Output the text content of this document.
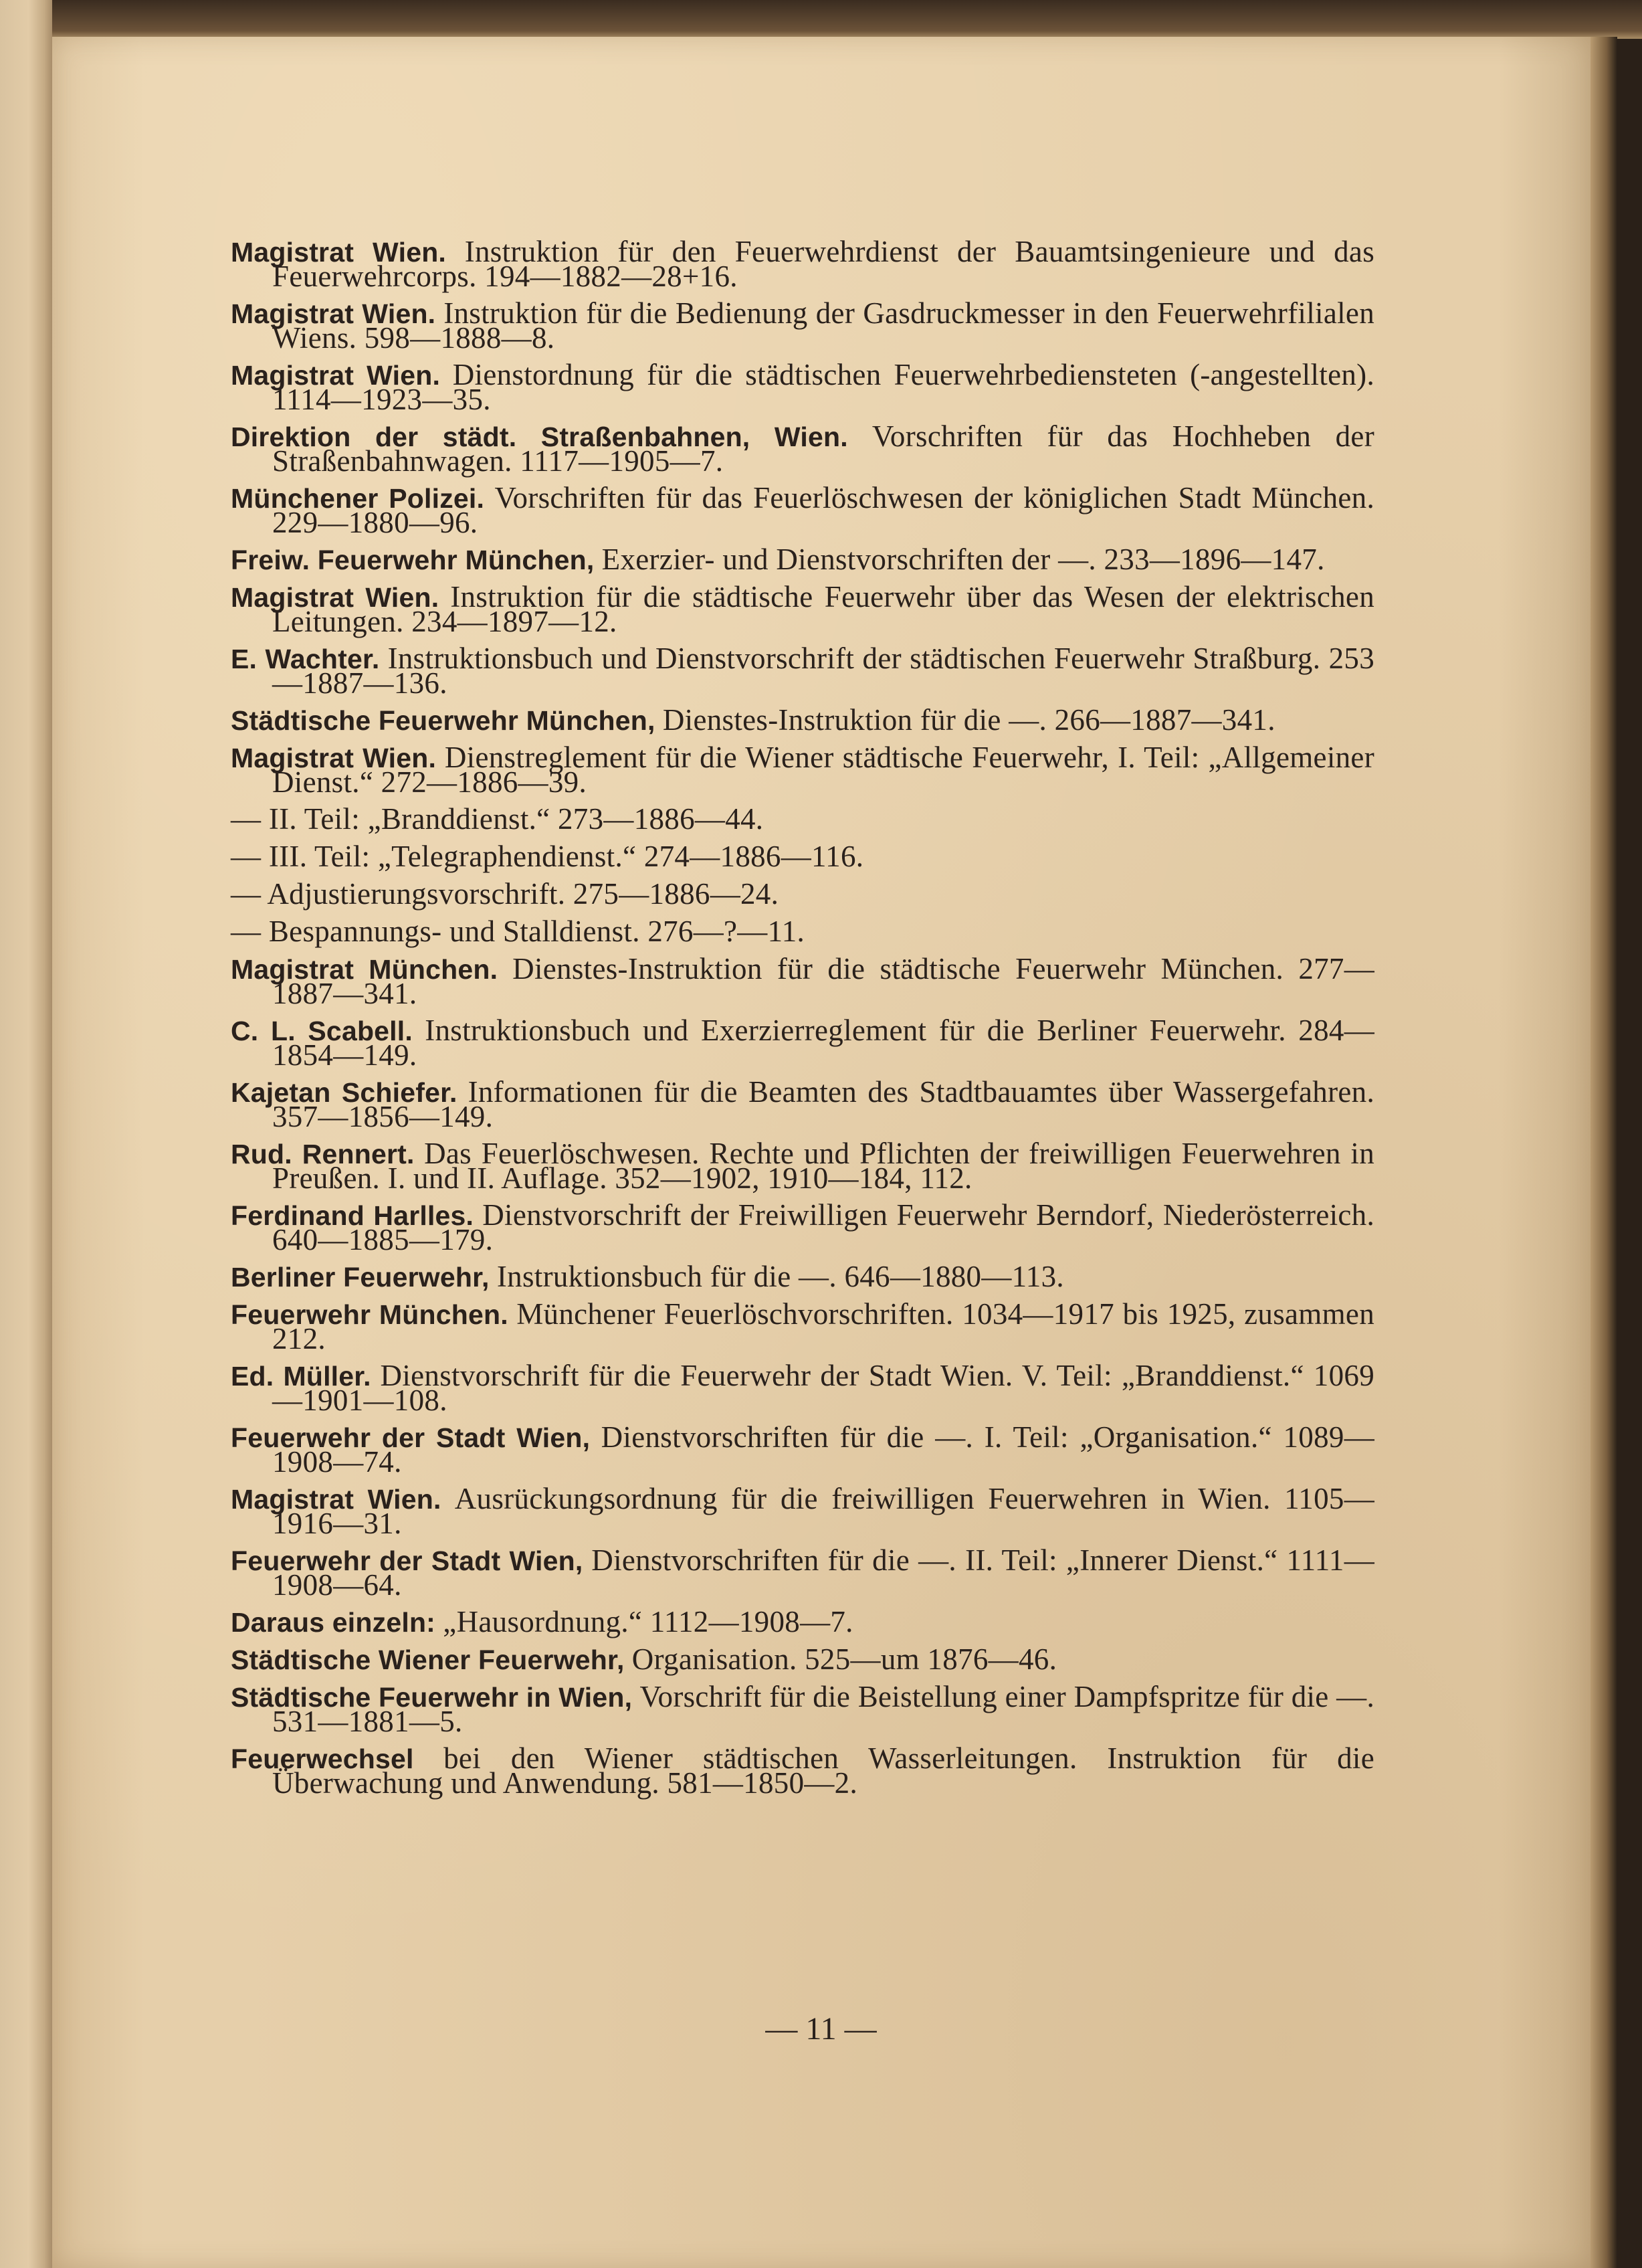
Magistrat Wien. Instruktion für den Feuerwehrdienst der Bauamtsingenieure und das Feuerwehrcorps. 194—1882—28+16.

Magistrat Wien. Instruktion für die Bedienung der Gasdruckmesser in den Feuerwehrfilialen Wiens. 598—1888—8.

Magistrat Wien. Dienstordnung für die städtischen Feuerwehrbediensteten (-angestellten). 1114—1923—35.

Direktion der städt. Straßenbahnen, Wien. Vorschriften für das Hochheben der Straßenbahnwagen. 1117—1905—7.

Münchener Polizei. Vorschriften für das Feuerlöschwesen der königlichen Stadt München. 229—1880—96.

Freiw. Feuerwehr München, Exerzier- und Dienstvorschriften der —. 233—1896—147.

Magistrat Wien. Instruktion für die städtische Feuerwehr über das Wesen der elektrischen Leitungen. 234—1897—12.

E. Wachter. Instruktionsbuch und Dienstvorschrift der städtischen Feuerwehr Straßburg. 253—1887—136.

Städtische Feuerwehr München, Dienstes-Instruktion für die —. 266—1887—341.

Magistrat Wien. Dienstreglement für die Wiener städtische Feuerwehr, I. Teil: „Allgemeiner Dienst.“ 272—1886—39.

— II. Teil: „Branddienst.“ 273—1886—44.

— III. Teil: „Telegraphendienst.“ 274—1886—116.

— Adjustierungsvorschrift. 275—1886—24.

— Bespannungs- und Stalldienst. 276—?—11.

Magistrat München. Dienstes-Instruktion für die städtische Feuerwehr München. 277—1887—341.

C. L. Scabell. Instruktionsbuch und Exerzierreglement für die Berliner Feuerwehr. 284—1854—149.

Kajetan Schiefer. Informationen für die Beamten des Stadtbauamtes über Wassergefahren. 357—1856—149.

Rud. Rennert. Das Feuerlöschwesen. Rechte und Pflichten der freiwilligen Feuerwehren in Preußen. I. und II. Auflage. 352—1902, 1910—184, 112.

Ferdinand Harlles. Dienstvorschrift der Freiwilligen Feuerwehr Berndorf, Niederösterreich. 640—1885—179.

Berliner Feuerwehr, Instruktionsbuch für die —. 646—1880—113.

Feuerwehr München. Münchener Feuerlöschvorschriften. 1034—1917 bis 1925, zusammen 212.

Ed. Müller. Dienstvorschrift für die Feuerwehr der Stadt Wien. V. Teil: „Branddienst.“ 1069—1901—108.

Feuerwehr der Stadt Wien, Dienstvorschriften für die —. I. Teil: „Organisation.“ 1089—1908—74.

Magistrat Wien. Ausrückungsordnung für die freiwilligen Feuerwehren in Wien. 1105—1916—31.

Feuerwehr der Stadt Wien, Dienstvorschriften für die —. II. Teil: „Innerer Dienst.“ 1111—1908—64.

Daraus einzeln: „Hausordnung.“ 1112—1908—7.

Städtische Wiener Feuerwehr, Organisation. 525—um 1876—46.

Städtische Feuerwehr in Wien, Vorschrift für die Beistellung einer Dampfspritze für die —. 531—1881—5.

Feuerwechsel bei den Wiener städtischen Wasserleitungen. Instruktion für die Überwachung und Anwendung. 581—1850—2.

— 11 —
